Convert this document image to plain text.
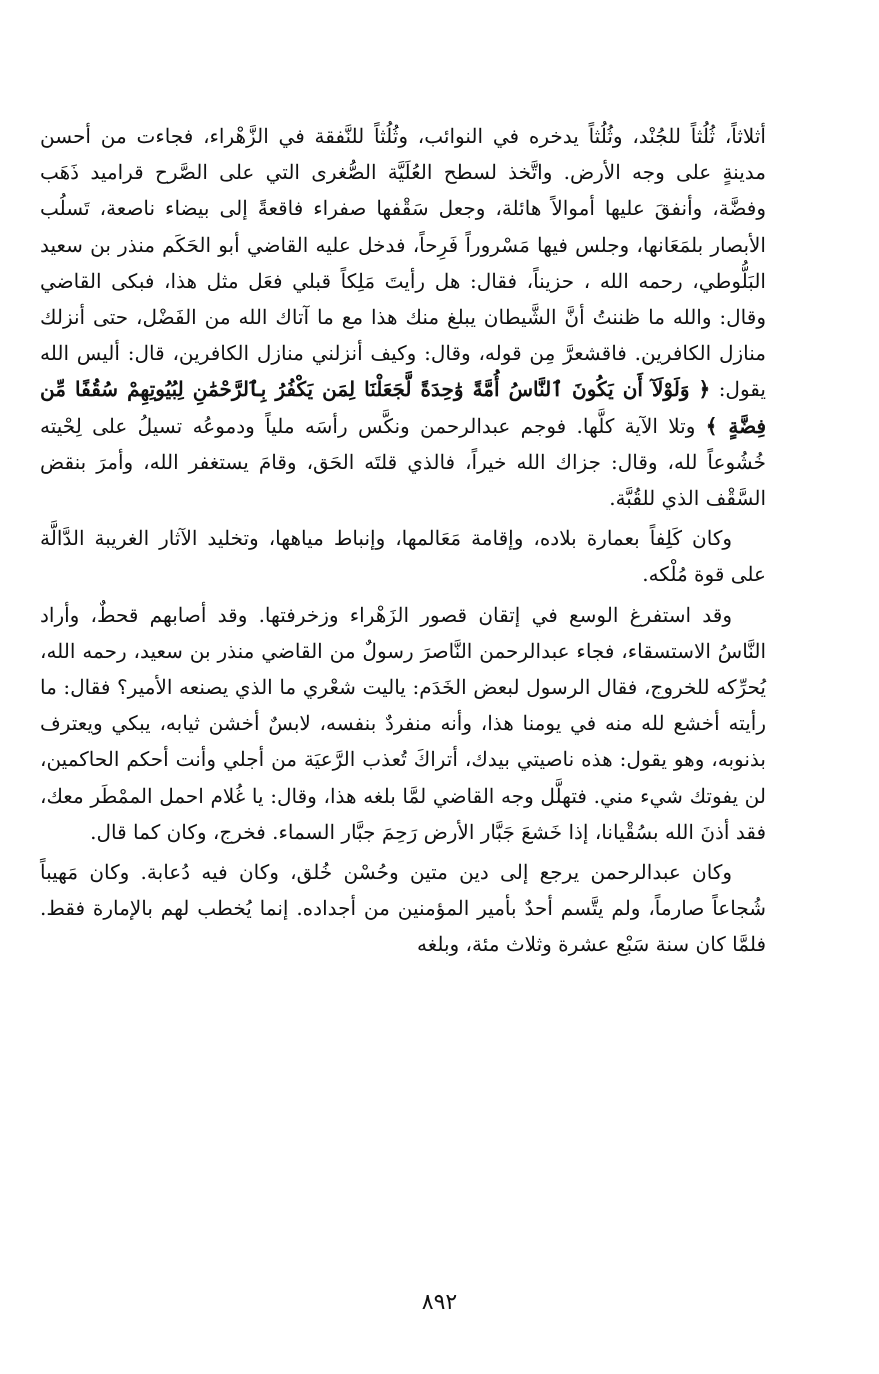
أثلاثاً، ثُلُثاً للجُنْد، وثُلُثاً يدخره في النوائب، وثُلُثاً للنَّفقة في الزَّهْراء، فجاءت من أحسن مدينةٍ على وجه الأرض. واتَّخذ لسطح العُلَيَّة الصُّغرى التي على الصَّرح قراميد ذَهَب وفضَّة، وأنفقَ عليها أموالاً هائلة، وجعل سَقْفها صفراء فاقعةً إلى بيضاء ناصعة، تَسلُب الأبصار بلمَعَانها، وجلس فيها مَسْروراً فَرِحاً، فدخل عليه القاضي أبو الحَكَم منذر بن سعيد البَلُّوطي، رحمه الله ، حزيناً، فقال: هل رأيتَ مَلِكاً قبلي فعَل مثل هذا، فبكى القاضي وقال: والله ما ظننتُ أنَّ الشَّيطان يبلغ منك هذا مع ما آتاك الله من الفَضْل، حتى أنزلك منازل الكافرين. فاقشعرَّ مِن قوله، وقال: وكيف أنزلني منازل الكافرين، قال: أليس الله يقول: ﴿ وَلَوْلَآ أَن يَكُونَ ٱلنَّاسُ أُمَّةً وَٰحِدَةً لَّجَعَلْنَا لِمَن يَكْفُرُ بِٱلرَّحْمَٰنِ لِبُيُوتِهِمْ سُقُفًا مِّن فِضَّةٍ ﴾ وتلا الآية كلَّها. فوجم عبدالرحمن ونكَّس رأسَه ملياً ودموعُه تسيلُ على لِحْيته خُشُوعاً لله، وقال: جزاك الله خيراً، فالذي قلتَه الحَق، وقامَ يستغفر الله، وأمرَ بنقض السَّقْف الذي للقُبَّة.

وكان كَلِفاً بعمارة بلاده، وإقامة مَعَالمها، وإنباط مياهها، وتخليد الآثار الغريبة الدَّالَّة على قوة مُلْكه.

وقد استفرغ الوسع في إتقان قصور الزَهْراء وزخرفتها. وقد أصابهم قحطٌ، وأراد النَّاسُ الاستسقاء، فجاء عبدالرحمن النَّاصرَ رسولٌ من القاضي منذر بن سعيد، رحمه الله، يُحرِّكه للخروج، فقال الرسول لبعض الخَدَم: ياليت شعْري ما الذي يصنعه الأمير؟ فقال: ما رأيته أخشع لله منه في يومنا هذا، وأنه منفردٌ بنفسه، لابسٌ أخشن ثيابه، يبكي ويعترف بذنوبه، وهو يقول: هذه ناصيتي بيدك، أتراكَ تُعذب الرَّعيَة من أجلي وأنت أحكم الحاكمين، لن يفوتك شيء مني. فتهلَّل وجه القاضي لمَّا بلغه هذا، وقال: يا غُلام احمل الممْطَر معك، فقد أذنَ الله بسُقْيانا، إذا خَشعَ جَبَّار الأرض رَحِمَ جبَّار السماء. فخرج، وكان كما قال.

وكان عبدالرحمن يرجع إلى دين متين وحُسْن خُلق، وكان فيه دُعابة. وكان مَهيباً شُجاعاً صارماً، ولم يتَّسم أحدٌ بأمير المؤمنين من أجداده. إنما يُخطب لهم بالإمارة فقط. فلمَّا كان سنة سَبْع عشرة وثلاث مئة، وبلغه

٨٩٢
